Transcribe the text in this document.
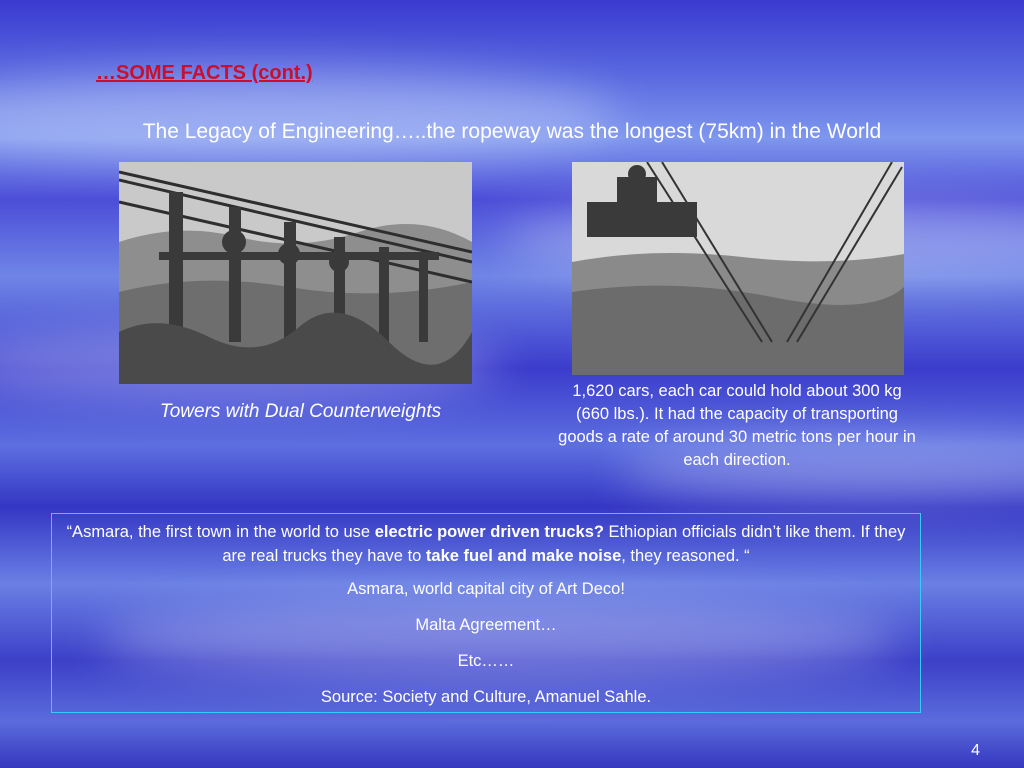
…SOME FACTS (cont.)

The Legacy of Engineering…..the ropeway was the longest (75km) in the World

Towers with Dual Counterweights

1,620 cars, each car could hold about 300 kg (660 lbs.). It had the capacity of transporting goods a rate of around 30 metric tons per hour in each direction.

“Asmara, the first town in the world to use electric power driven trucks? Ethiopian officials didn’t like them. If they are real trucks they have to take fuel and make noise, they reasoned. “

Asmara, world capital city of Art Deco!

Malta Agreement…

Etc……

Source: Society and Culture, Amanuel Sahle.

4
